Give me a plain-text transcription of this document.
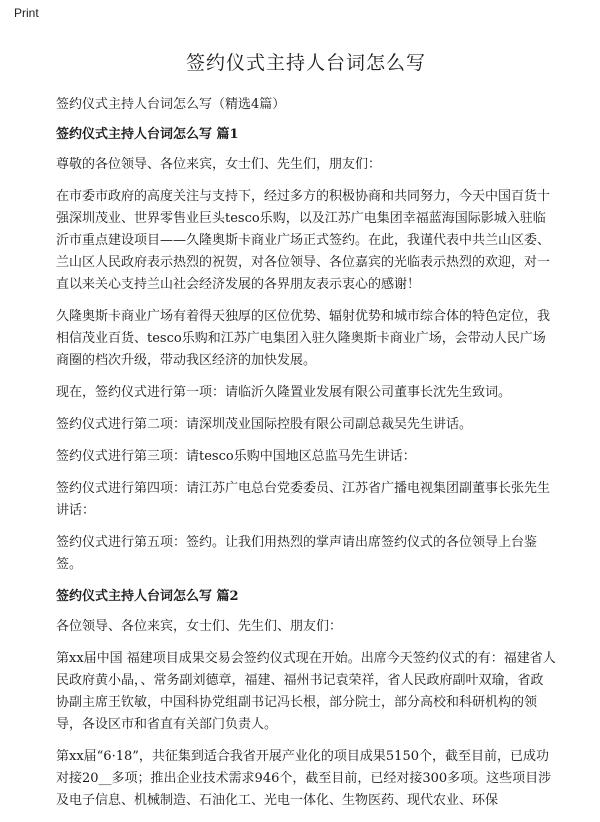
Print
签约仪式主持人台词怎么写

签约仪式主持人台词怎么写（精选4篇）

签约仪式主持人台词怎么写 篇1

尊敬的各位领导、各位来宾，女士们、先生们，朋友们：

在市委市政府的高度关注与支持下，经过多方的积极协商和共同努力，今天中国百货十强深圳茂业、世界零售业巨头tesco乐购，以及江苏广电集团幸福蓝海国际影城入驻临沂市重点建设项目——久隆奥斯卡商业广场正式签约。在此，我谨代表中共兰山区委、兰山区人民政府表示热烈的祝贺，对各位领导、各位嘉宾的光临表示热烈的欢迎，对一直以来关心支持兰山社会经济发展的各界朋友表示衷心的感谢！

久隆奥斯卡商业广场有着得天独厚的区位优势、辐射优势和城市综合体的特色定位，我相信茂业百货、tesco乐购和江苏广电集团入驻久隆奥斯卡商业广场，会带动人民广场商圈的档次升级，带动我区经济的加快发展。

现在，签约仪式进行第一项：请临沂久隆置业发展有限公司董事长沈先生致词。

签约仪式进行第二项：请深圳茂业国际控股有限公司副总裁吴先生讲话。

签约仪式进行第三项：请tesco乐购中国地区总监马先生讲话：

签约仪式进行第四项：请江苏广电总台党委委员、江苏省广播电视集团副董事长张先生讲话：

签约仪式进行第五项：签约。让我们用热烈的掌声请出席签约仪式的各位领导上台鉴签。

签约仪式主持人台词怎么写 篇2

各位领导、各位来宾，女士们、先生们、朋友们：

第xx届中国 福建项目成果交易会签约仪式现在开始。出席今天签约仪式的有：福建省人民政府黄小晶，、常务副刘德章，福建、福州书记袁荣祥，省人民政府副叶双瑜，省政协副主席王钦敏，中国科协党组副书记冯长根，部分院士，部分高校和科研机构的领导，各设区市和省直有关部门负责人。

第xx届“6·18”，共征集到适合我省开展产业化的项目成果5150个，截至目前，已成功对接20__多项；推出企业技术需求946个，截至目前，已经对接300多项。这些项目涉及电子信息、机械制造、石油化工、光电一体化、生物医药、现代农业、环保
